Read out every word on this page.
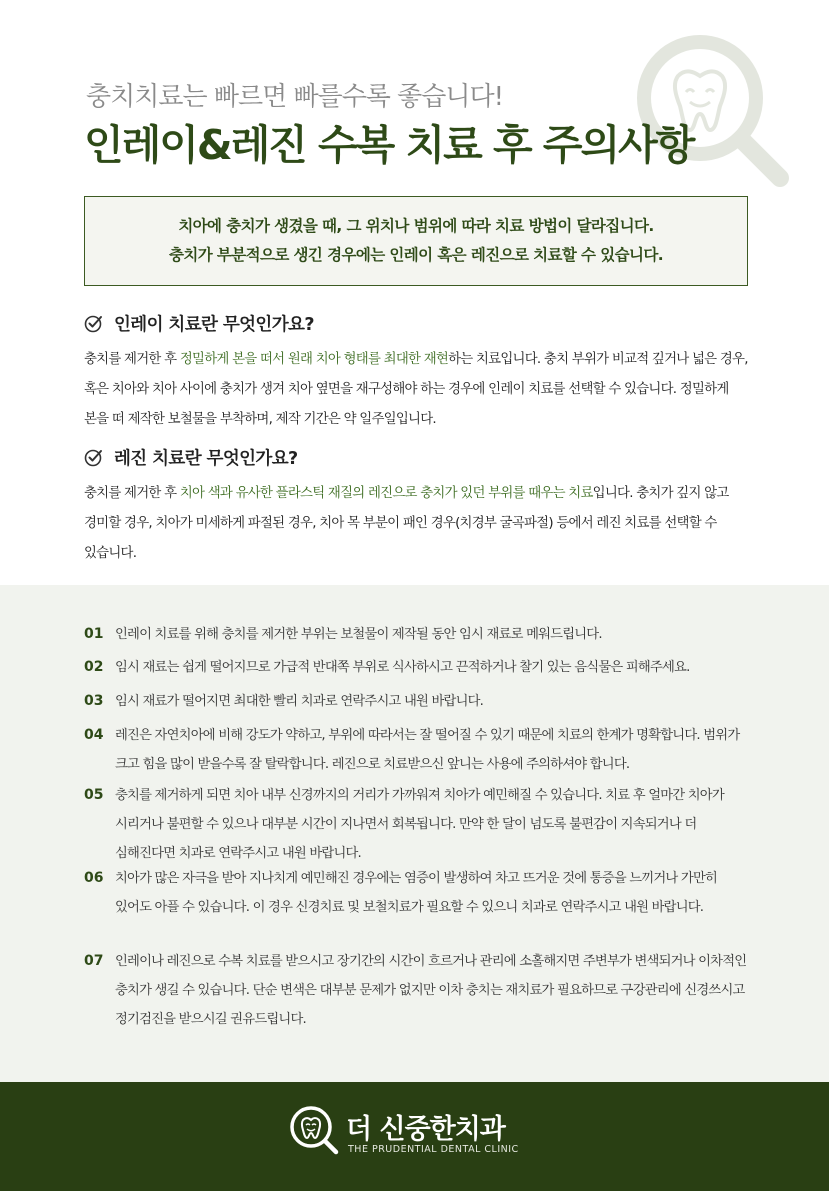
충치치료는 빠르면 빠를수록 좋습니다!
인레이&레진 수복 치료 후 주의사항

치아에 충치가 생겼을 때, 그 위치나 범위에 따라 치료 방법이 달라집니다.

충치가 부분적으로 생긴 경우에는 인레이 혹은 레진으로 치료할 수 있습니다.

인레이 치료란 무엇인가요?

충치를 제거한 후 정밀하게 본을 떠서 원래 치아 형태를 최대한 재현하는 치료입니다. 충치 부위가 비교적 깊거나 넓은 경우, 혹은 치아와 치아 사이에 충치가 생겨 치아 옆면을 재구성해야 하는 경우에 인레이 치료를 선택할 수 있습니다. 정밀하게 본을 떠 제작한 보철물을 부착하며, 제작 기간은 약 일주일입니다.

레진 치료란 무엇인가요?

충치를 제거한 후 치아 색과 유사한 플라스틱 재질의 레진으로 충치가 있던 부위를 때우는 치료입니다. 충치가 깊지 않고 경미할 경우, 치아가 미세하게 파절된 경우, 치아 목 부분이 패인 경우(치경부 굴곡파절) 등에서 레진 치료를 선택할 수 있습니다.

01 인레이 치료를 위해 충치를 제거한 부위는 보철물이 제작될 동안 임시 재료로 메워드립니다.

02 임시 재료는 쉽게 떨어지므로 가급적 반대쪽 부위로 식사하시고 끈적하거나 찰기 있는 음식물은 피해주세요.

03 임시 재료가 떨어지면 최대한 빨리 치과로 연락주시고 내원 바랍니다.

04 레진은 자연치아에 비해 강도가 약하고, 부위에 따라서는 잘 떨어질 수 있기 때문에 치료의 한계가 명확합니다. 범위가 크고 힘을 많이 받을수록 잘 탈락합니다. 레진으로 치료받으신 앞니는 사용에 주의하셔야 합니다.

05 충치를 제거하게 되면 치아 내부 신경까지의 거리가 가까워져 치아가 예민해질 수 있습니다. 치료 후 얼마간 치아가 시리거나 불편할 수 있으나 대부분 시간이 지나면서 회복됩니다. 만약 한 달이 넘도록 불편감이 지속되거나 더 심해진다면 치과로 연락주시고 내원 바랍니다.

06 치아가 많은 자극을 받아 지나치게 예민해진 경우에는 염증이 발생하여 차고 뜨거운 것에 통증을 느끼거나 가만히 있어도 아플 수 있습니다. 이 경우 신경치료 및 보철치료가 필요할 수 있으니 치과로 연락주시고 내원 바랍니다.

07 인레이나 레진으로 수복 치료를 받으시고 장기간의 시간이 흐르거나 관리에 소홀해지면 주변부가 변색되거나 이차적인 충치가 생길 수 있습니다. 단순 변색은 대부분 문제가 없지만 이차 충치는 재치료가 필요하므로 구강관리에 신경쓰시고 정기검진을 받으시길 권유드립니다.

더 신중한치과
THE PRUDENTIAL DENTAL CLINIC
